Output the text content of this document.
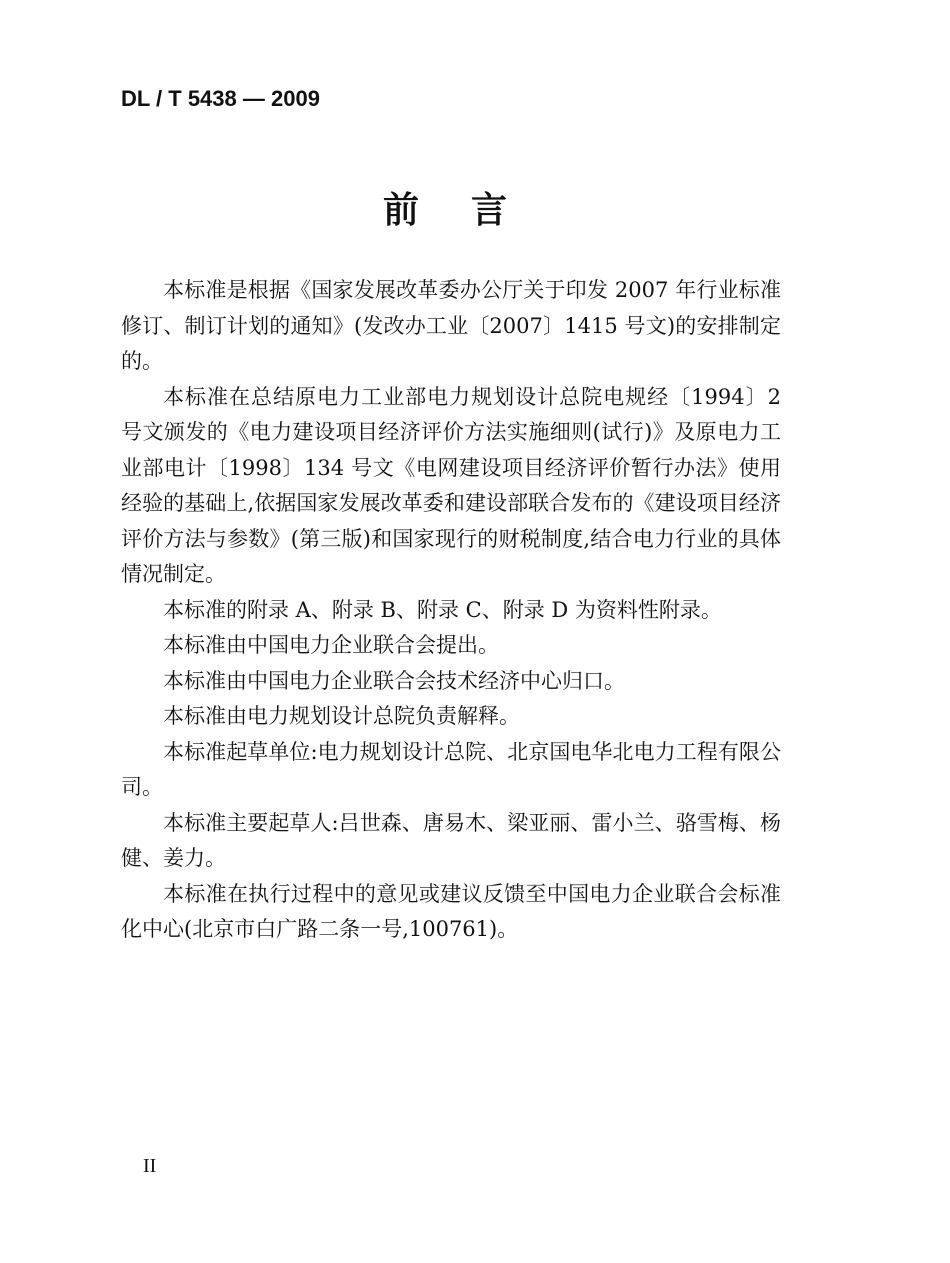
DL / T 5438 — 2009
前 言

本标准是根据《国家发展改革委办公厅关于印发 2007 年行业标准修订、制订计划的通知》(发改办工业〔2007〕1415 号文)的安排制定的。

本标准在总结原电力工业部电力规划设计总院电规经〔1994〕2 号文颁发的《电力建设项目经济评价方法实施细则(试行)》及原电力工业部电计〔1998〕134 号文《电网建设项目经济评价暂行办法》使用经验的基础上,依据国家发展改革委和建设部联合发布的《建设项目经济评价方法与参数》(第三版)和国家现行的财税制度,结合电力行业的具体情况制定。

本标准的附录 A、附录 B、附录 C、附录 D 为资料性附录。

本标准由中国电力企业联合会提出。

本标准由中国电力企业联合会技术经济中心归口。

本标准由电力规划设计总院负责解释。

本标准起草单位:电力规划设计总院、北京国电华北电力工程有限公司。

本标准主要起草人:吕世森、唐易木、梁亚丽、雷小兰、骆雪梅、杨健、姜力。

本标准在执行过程中的意见或建议反馈至中国电力企业联合会标准化中心(北京市白广路二条一号,100761)。

II
